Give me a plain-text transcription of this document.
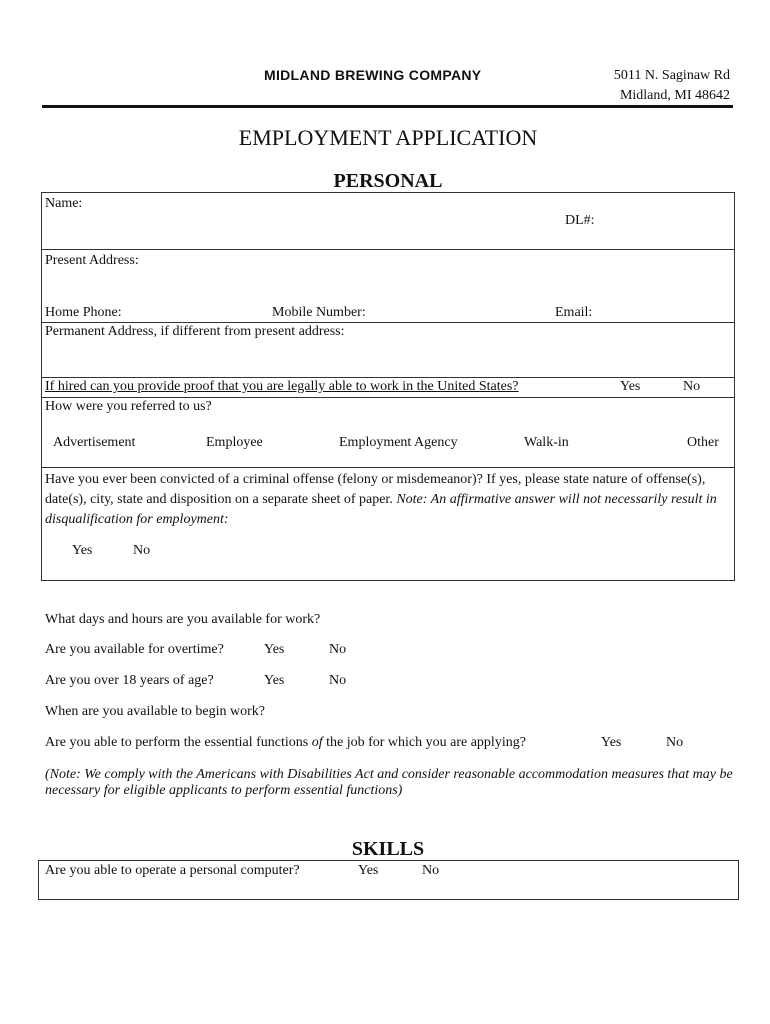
MIDLAND BREWING COMPANY	5011 N. Saginaw Rd
Midland, MI 48642
EMPLOYMENT APPLICATION
PERSONAL
Name:
DL#:
Present Address:
Home Phone:	Mobile Number:	Email:
Permanent Address, if different from present address:
If hired can you provide proof that you are legally able to work in the United States?	Yes	No
How were you referred to us?
Advertisement	Employee	Employment Agency	Walk-in	Other
Have you ever been convicted of a criminal offense (felony or misdemeanor)? If yes, please state nature of offense(s), date(s), city, state and disposition on a separate sheet of paper. Note: An affirmative answer will not necessarily result in disqualification for employment:
Yes	No
What days and hours are you available for work?
Are you available for overtime?	Yes	No
Are you over 18 years of age?	Yes	No
When are you available to begin work?
Are you able to perform the essential functions of the job for which you are applying?	Yes	No
(Note: We comply with the Americans with Disabilities Act and consider reasonable accommodation measures that may be necessary for eligible applicants to perform essential functions)
SKILLS
Are you able to operate a personal computer?	Yes	No
